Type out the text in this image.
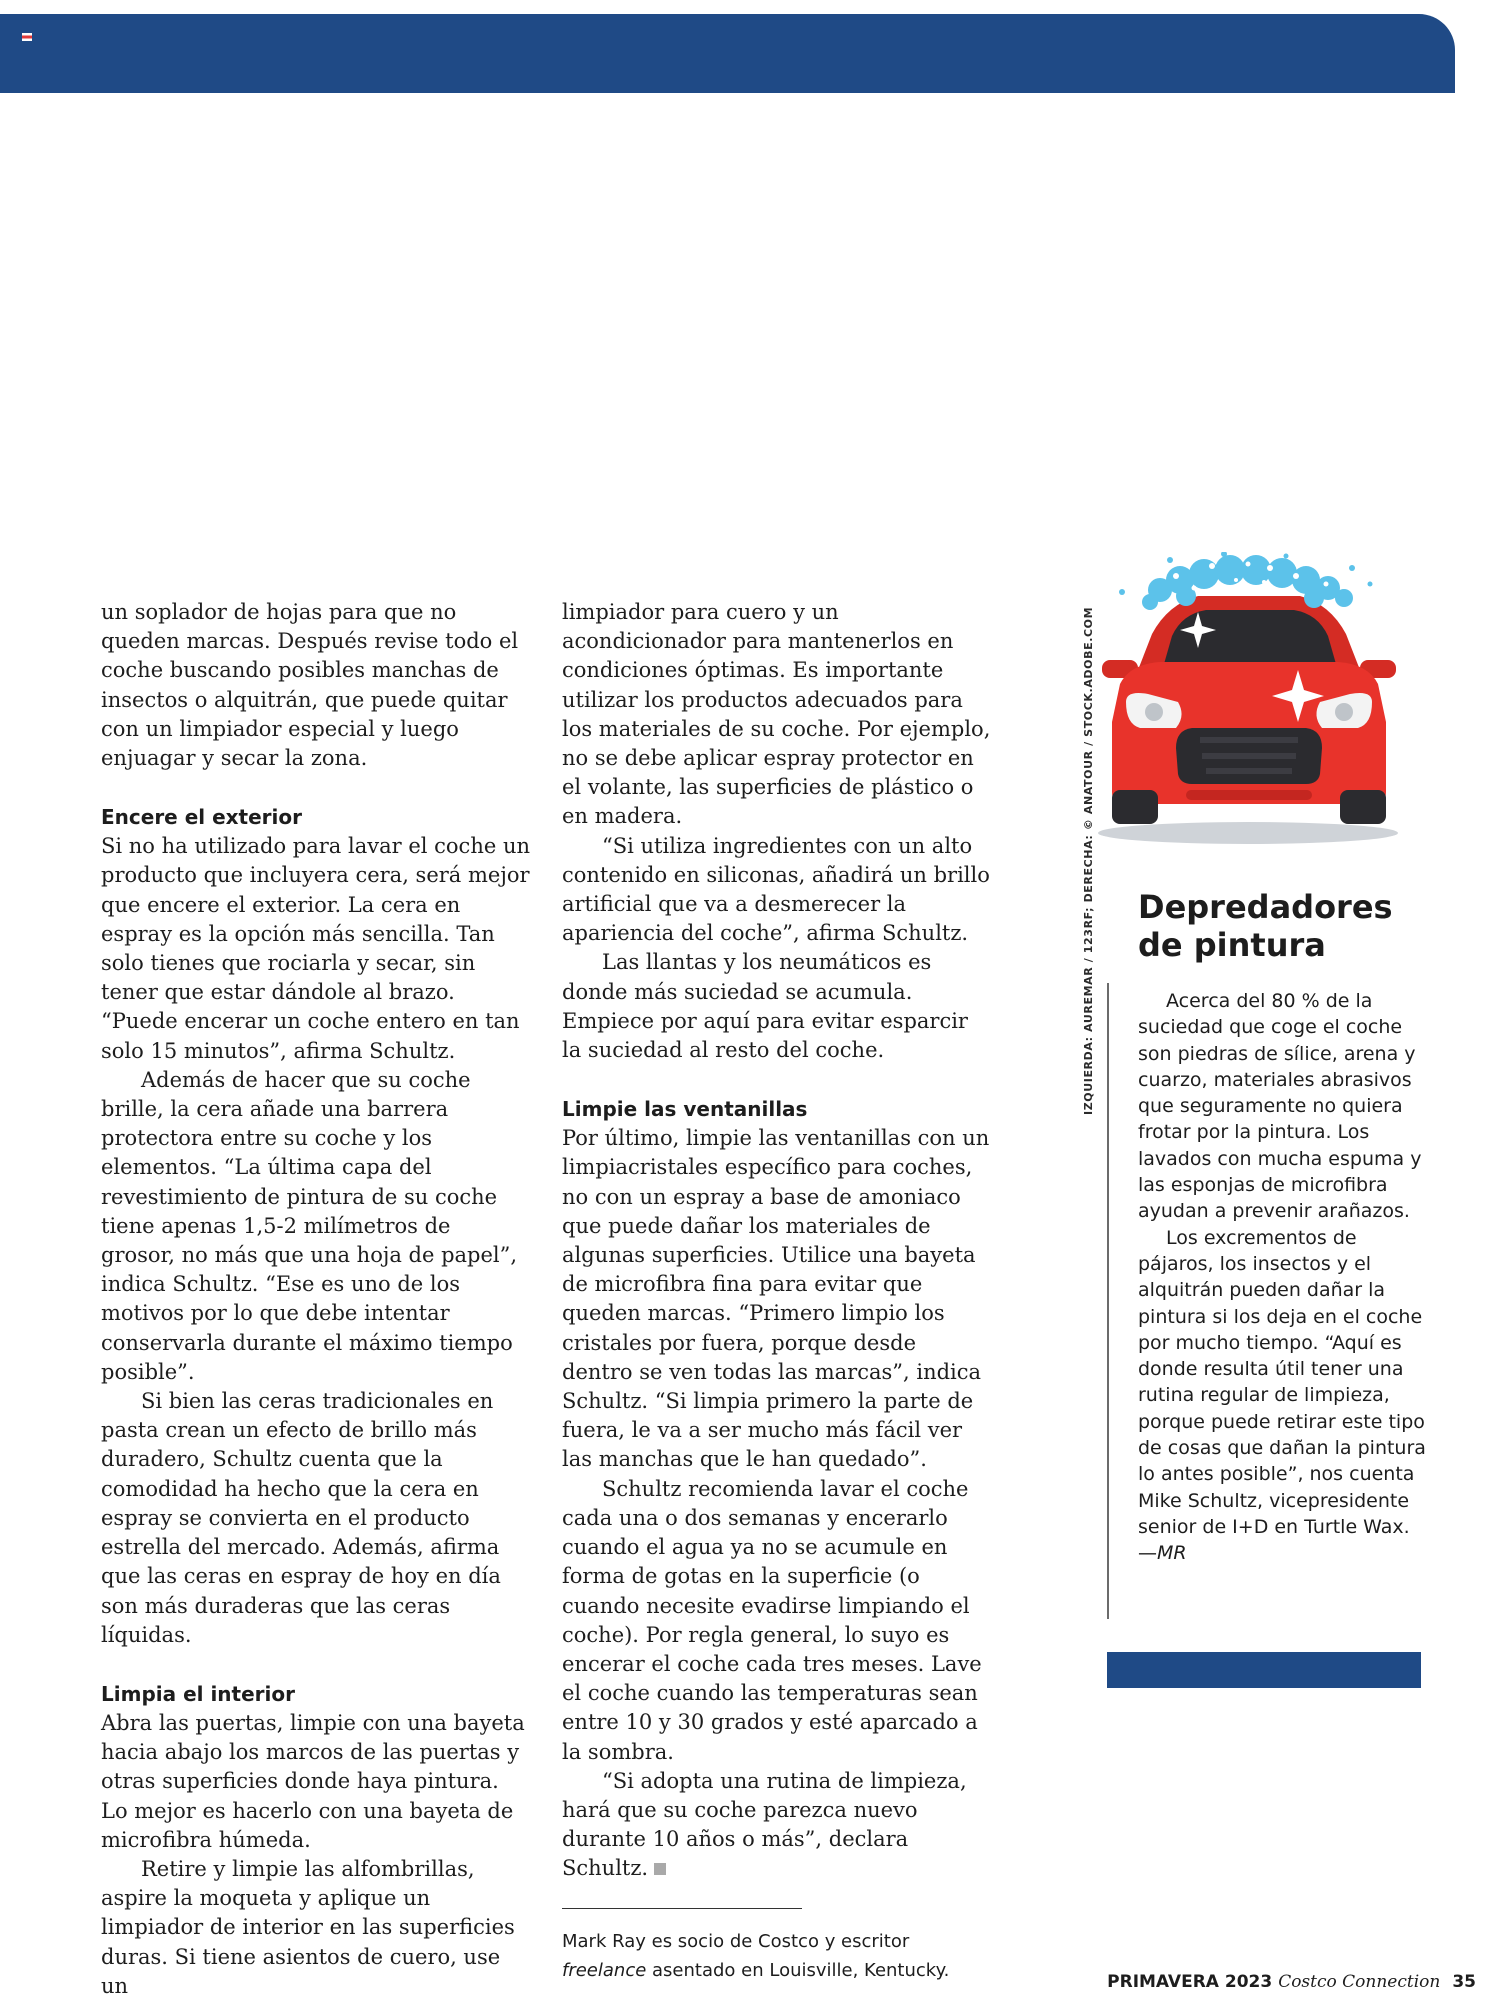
un soplador de hojas para que no queden marcas. Después revise todo el coche buscando posibles manchas de insectos o alquitrán, que puede quitar con un limpiador especial y luego enjuagar y secar la zona.

Encere el exterior

Si no ha utilizado para lavar el coche un producto que incluyera cera, será mejor que encere el exterior. La cera en espray es la opción más sencilla. Tan solo tienes que rociarla y secar, sin tener que estar dándole al brazo. “Puede encerar un coche entero en tan solo 15 minutos”, afirma Schultz.

Además de hacer que su coche brille, la cera añade una barrera protectora entre su coche y los elementos. “La última capa del revestimiento de pintura de su coche tiene apenas 1,5-2 milímetros de grosor, no más que una hoja de papel”, indica Schultz. “Ese es uno de los motivos por lo que debe intentar conservarla durante el máximo tiempo posible”.

Si bien las ceras tradicionales en pasta crean un efecto de brillo más duradero, Schultz cuenta que la comodidad ha hecho que la cera en espray se convierta en el producto estrella del mercado. Además, afirma que las ceras en espray de hoy en día son más duraderas que las ceras líquidas.

Limpia el interior

Abra las puertas, limpie con una bayeta hacia abajo los marcos de las puertas y otras superficies donde haya pintura. Lo mejor es hacerlo con una bayeta de microfibra húmeda.

Retire y limpie las alfombrillas, aspire la moqueta y aplique un limpiador de interior en las superficies duras. Si tiene asientos de cuero, use un

limpiador para cuero y un acondicionador para mantenerlos en condiciones óptimas. Es importante utilizar los productos adecuados para los materiales de su coche. Por ejemplo, no se debe aplicar espray protector en el volante, las superficies de plástico o en madera.

“Si utiliza ingredientes con un alto contenido en siliconas, añadirá un brillo artificial que va a desmerecer la apariencia del coche”, afirma Schultz.

Las llantas y los neumáticos es donde más suciedad se acumula. Empiece por aquí para evitar esparcir la suciedad al resto del coche.

Limpie las ventanillas

Por último, limpie las ventanillas con un limpiacristales específico para coches, no con un espray a base de amoniaco que puede dañar los materiales de algunas superficies. Utilice una bayeta de microfibra fina para evitar que queden marcas. “Primero limpio los cristales por fuera, porque desde dentro se ven todas las marcas”, indica Schultz. “Si limpia primero la parte de fuera, le va a ser mucho más fácil ver las manchas que le han quedado”.

Schultz recomienda lavar el coche cada una o dos semanas y encerarlo cuando el agua ya no se acumule en forma de gotas en la superficie (o cuando necesite evadirse limpiando el coche). Por regla general, lo suyo es encerar el coche cada tres meses. Lave el coche cuando las temperaturas sean entre 10 y 30 grados y esté aparcado a la sombra.

“Si adopta una rutina de limpieza, hará que su coche parezca nuevo durante 10 años o más”, declara Schultz.

Mark Ray es socio de Costco y escritor freelance asentado en Louisville, Kentucky.

IZQUIERDA: AUREMAR / 123RF; DERECHA: © ANATOUR / STOCK.ADOBE.COM Depredadores
de pintura

Acerca del 80 % de la suciedad que coge el coche son piedras de sílice, arena y cuarzo, materiales abrasivos que seguramente no quiera frotar por la pintura. Los lavados con mucha espuma y las esponjas de microfibra ayudan a prevenir arañazos.

Los excrementos de pájaros, los insectos y el alquitrán pueden dañar la pintura si los deja en el coche por mucho tiempo. “Aquí es donde resulta útil tener una rutina regular de limpieza, porque puede retirar este tipo de cosas que dañan la pintura lo antes posible”, nos cuenta Mike Schultz, vicepresidente senior de I+D en Turtle Wax.—MR

PRIMAVERA 2023 Costco Connection 35
